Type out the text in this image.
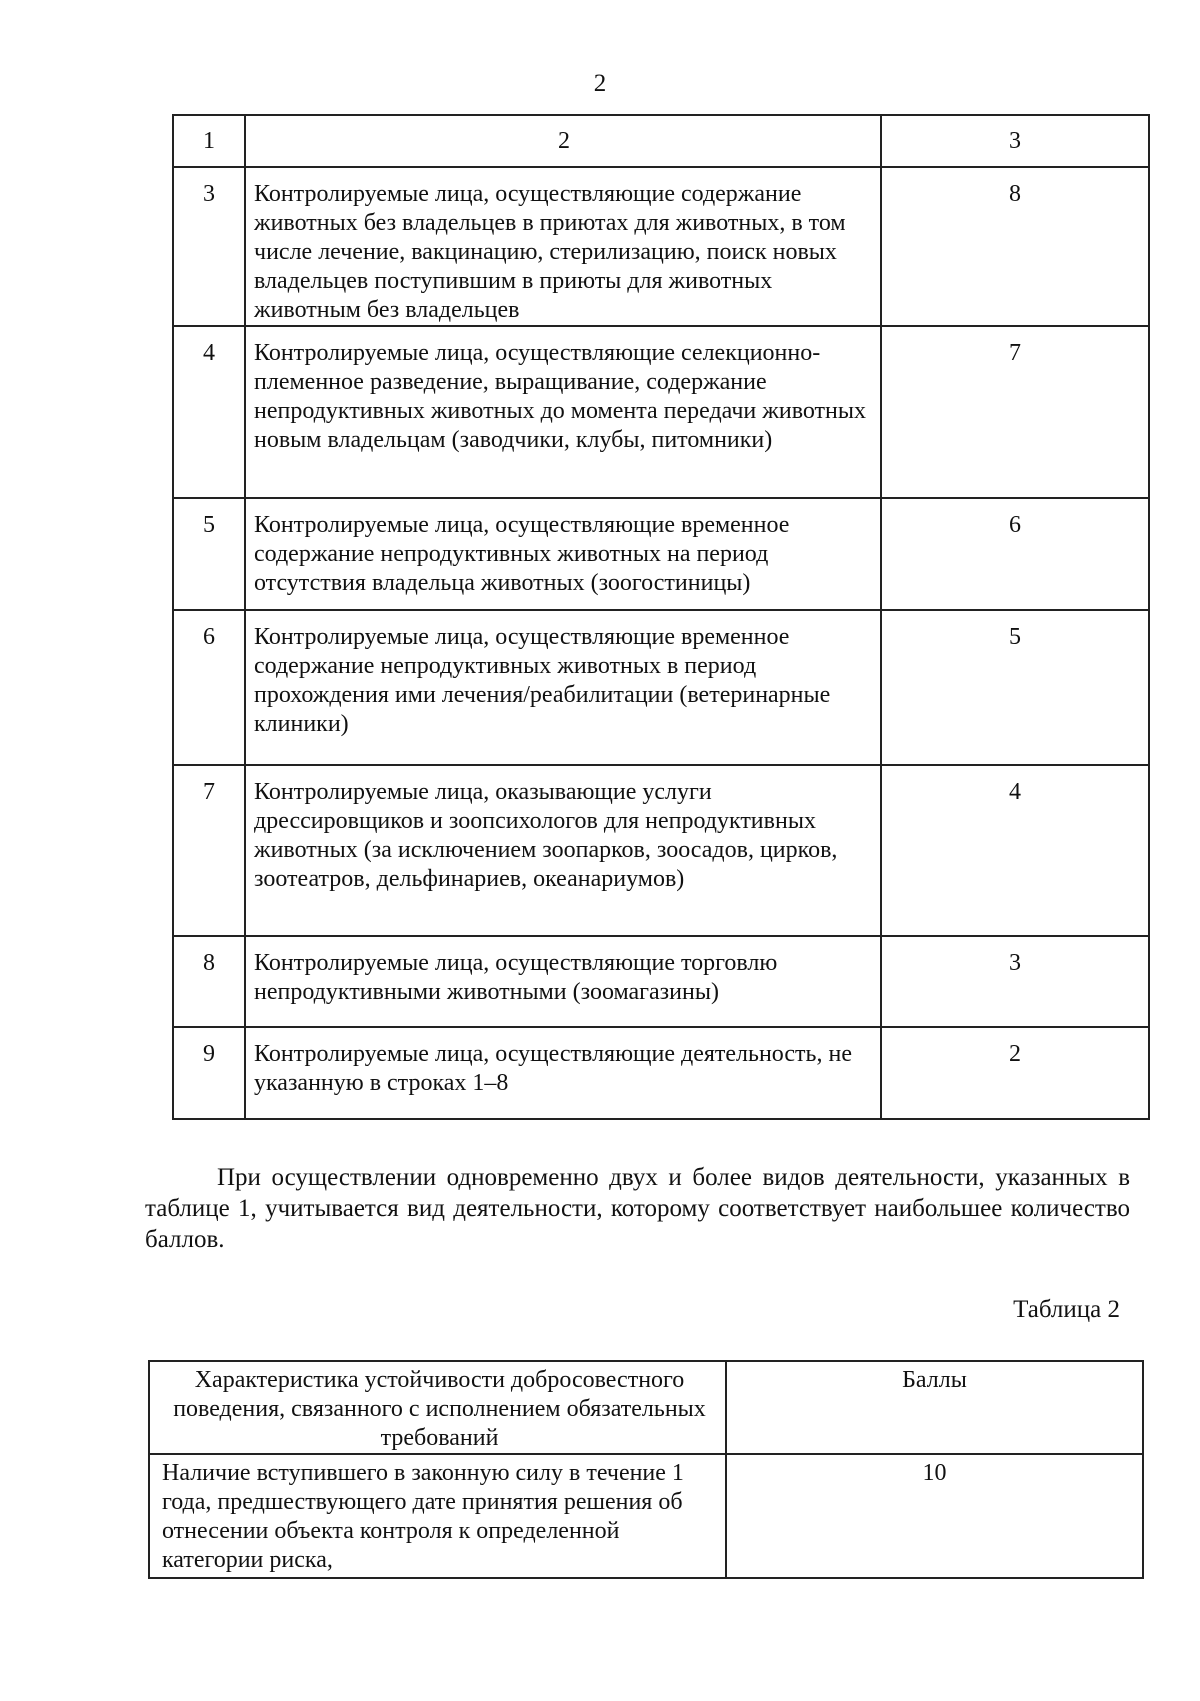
2
1	2	3
3	Контролируемые лица, осуществляющие содержание животных без владельцев в приютах для животных, в том числе лечение, вакцинацию, стерилизацию, поиск новых владельцев поступившим в приюты для животных животным без владельцев	8
4	Контролируемые лица, осуществляющие селекционно-племенное разведение, выращивание, содержание непродуктивных животных до момента передачи животных новым владельцам (заводчики, клубы, питомники)	7
5	Контролируемые лица, осуществляющие временное содержание непродуктивных животных на период отсутствия владельца животных (зоогостиницы)	6
6	Контролируемые лица, осуществляющие временное содержание непродуктивных животных в период прохождения ими лечения/реабилитации (ветеринарные клиники)	5
7	Контролируемые лица, оказывающие услуги дрессировщиков и зоопсихологов для непродуктивных животных (за исключением зоопарков, зоосадов, цирков, зоотеатров, дельфинариев, океанариумов)	4
8	Контролируемые лица, осуществляющие торговлю непродуктивными животными (зоомагазины)	3
9	Контролируемые лица, осуществляющие деятельность, не указанную в строках 1–8	2

При осуществлении одновременно двух и более видов деятельности, указанных в таблице 1, учитывается вид деятельности, которому соответствует наибольшее количество баллов.

Таблица 2
Характеристика устойчивости добросовестного поведения, связанного с исполнением обязательных требований	Баллы
Наличие вступившего в законную силу в течение 1 года, предшествующего дате принятия решения об отнесении объекта контроля к определенной категории риска,	10
